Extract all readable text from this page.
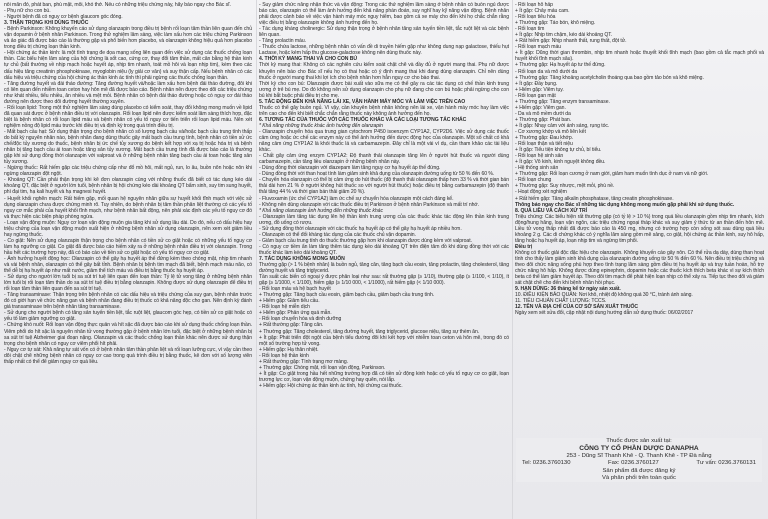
nối mẩn đỏ, phát ban, phù mặt, môi, khó thở. Nếu có những triệu chứng này, hãy báo ngay cho Bác sĩ.

- Phụ nữ cho con bú.

- Người bệnh đã có nguy cơ bệnh glaucom góc đóng.

3. THẬN TRỌNG KHI DÙNG THUỐC

- Bệnh Parkinson: Không khuyến cáo sử dụng olanzapin trong điều trị bệnh rối loạn tâm thần liên quan đến chủ vận dopamin ở bệnh nhân Parkinson. Trong thử nghiệm lâm sàng, việc làm xấu hơn các triệu chứng Parkinson và ảo giác đã được báo cáo là thường gặp và phổ biến hơn placebo, và olanzapin không hiệu quả hơn placebo trong điều trị chứng loạn thần kinh.

- Hội chứng ác thần kinh: là một tình trạng đe dọa mạng sống liên quan đến việc sử dụng các thuốc chống loạn thần. Các biểu hiện lâm sàng của hội chứng là sốt cao, cứng cơ, thay đổi tâm thần, mất cân bằng hệ thần kinh tự chủ (bất thường về nhịp mạch hoặc huyết áp, nhịp tim nhanh, toát mồ hôi và loạn nhịp tim), kèm theo các dấu hiệu tăng creatinin phosphokinase, myoglobin niệu (ly giải cơ vân) và suy thận cấp. Nếu bệnh nhân có các dấu hiệu và triệu chứng của hội chứng ác thần kinh ác tính thì phải ngừng các thuốc chống loạn thần.

- Tăng đường huyết và đái tháo đường: Tăng đường huyết và/hoặc làm xấu hơn bệnh đái tháo đường, đôi khi có liên quan đến nhiễm toan ceton hay hôn mê đã được báo cáo. Bệnh nhân nên được theo dõi các triệu chứng như khát nhiều, tiểu nhiều, ăn nhiều và mệt mỏi. Bệnh nhân có bệnh đái tháo đường hoặc có nguy cơ đái tháo đường nên được theo dõi đường huyết thường xuyên.

- Rối loạn lipid: Trong một thử nghiệm lâm sàng dùng placebo có kiểm soát, thay đổi không mong muốn về lipid đã quan sát được ở bệnh nhân điều trị với olanzapin. Rối loạn lipid nên được kiểm soát lâm sàng thích hợp, đặc biệt là bệnh nhân có rối loạn lipid máu và bệnh nhân có yếu tố nguy cơ tiến triển rối loạn lipid máu. Nên xét nghiệm nồng độ lipid máu trước khi điều trị và định kỳ trong quá trình điều trị.

- Mất bạch cầu hạt: Sử dụng thận trọng cho bệnh nhân có số lượng bạch cầu và/hoặc bạch cầu trung tính thấp do bất kỳ nguyên nhân nào, bệnh nhân đang dùng thuốc gây mất bạch cầu trung tính, bệnh nhân có tiền sử ức chế/độc tủy xương do thuốc, bệnh nhân bị ức chế tủy xương do bệnh kết hợp với xạ trị hoặc hóa trị và bệnh nhân bị tăng bạch cầu ái toan hoặc tăng sản tủy xương. Mất bạch cầu trung tính đã được báo cáo là thường gặp khi sử dụng đồng thời olanzapin với valproat và ở những bệnh nhân tăng bạch cầu ái toan hoặc tăng sản tủy xương.

- Ngừng thuốc: Rất hiếm gặp các triệu chứng cấp như đổ mồ hôi, mất ngủ, run, lo âu, buồn nôn hoặc nôn khi ngừng olanzapin đột ngột.

- Khoảng QT: Cần phải thận trọng khi kê đơn olanzapin cùng với những thuốc đã biết có tác dụng kéo dài khoảng QT, đặc biệt ở người lớn tuổi, bệnh nhân bị hội chứng kéo dài khoảng QT bẩm sinh, suy tim sung huyết, phì đại tim, hạ kali huyết và hạ magnesi huyết.

- Huyết khối nghẽn mạch: Rất hiếm gặp, mối quan hệ nguyên nhân giữa sự huyết khối tĩnh mạch với việc sử dụng olanzapin chưa được chứng minh rõ. Tuy nhiên, do bệnh nhân bị tâm thần phân liệt thường có các yếu tố nguy cơ mắc phải của huyết khối tĩnh mạch, như bệnh nhân bất động, nên phải xác định các yếu tố nguy cơ đó và thực hiện các biện pháp phòng ngừa.

- Loạn vận động muộn: Nguy cơ loạn vận động muộn gia tăng khi sử dụng lâu dài. Do đó, nếu có dấu hiệu hay triệu chứng của loạn vận động muộn xuất hiện ở những bệnh nhân sử dụng olanzapin, nên xem xét giảm liều hay ngừng thuốc.

- Co giật: Nên sử dụng olanzapin thận trọng cho bệnh nhân có tiền sử co giật hoặc có những yếu tố nguy cơ làm hạ ngưỡng co giật. Co giật đã được báo cáo hiếm xảy ra ở những bệnh nhân điều trị với olanzapin. Trong hầu hết các trường hợp này, đã có báo cáo về tiền sử co giật hoặc có yếu tố nguy cơ co giật.

- Ảnh hưởng huyết động học: Olanzapin có thể gây hạ huyết áp thế đứng kèm theo chóng mặt, nhịp tim nhanh và vài bệnh nhân, olanzapin có thể gây bất tỉnh. Bệnh nhân bị bệnh tim mạch đã biết, bệnh mạch máu não, có thể dễ bị hạ huyết áp như mất nước, giảm thể tích máu và điều trị bằng thuốc hạ huyết áp.

- Sử dụng cho người lớn tuổi bị sa sút trí tuệ liên quan đến loạn thần: Tỷ lệ tử vong tăng ở những bệnh nhân lớn tuổi bị rối loạn tâm thần do sa sút trí tuệ điều trị bằng olanzapin. Không được sử dụng olanzapin để điều trị rối loạn tâm thần liên quan đến sa sút trí tuệ.

- Tăng transaminase: Thận trọng trên bệnh nhân có các dấu hiệu và triệu chứng của suy gan, bệnh nhân trước đó có giới hạn về chức năng gan và bệnh nhân đang điều trị thuốc có khả năng độc cho gan. Nên định kỳ đánh giá transaminase trên bệnh nhân tăng transaminase.

- Sử dụng cho người bệnh có tăng sản tuyến tiền liệt, tắc ruột liệt, glaucom góc hẹp, có tiền sử co giật hoặc có yếu tố làm giảm ngưỡng co giật.

- Chứng khó nuốt: Rối loạn vận động thực quản và hít sặc đã được báo cáo khi sử dụng thuốc chống loạn thần. Viêm phổi do hít sặc là nguyên nhân tử vong thường gặp ở bệnh nhân lớn tuổi, đặc biệt ở những bệnh nhân bị sa sút trí tuệ Alzheimer giai đoạn nặng. Olanzapin và các thuốc chống loạn thần khác nên được sử dụng thận trọng cho bệnh nhân có nguy cơ viêm phổi hít phải.

- Nguy cơ tự sát: Khả năng tự sát vốn có ở bệnh nhân tâm thần phân liệt và rối loạn lưỡng cực, vì vậy cần theo dõi chặt chẽ những bệnh nhân có nguy cơ cao trong quá trình điều trị bằng thuốc, kê đơn với số lượng viên thấp nhất có thể để giảm nguy cơ quá liều.

- Suy giảm chức năng nhận thức và vận động: Trong các thử nghiệm lâm sàng ở bệnh nhân có buồn ngủ được báo cáo, olanzapin có thể làm ảnh hưởng đến khả năng phán đoán, suy nghĩ hay kỹ năng vận động. Bệnh nhân phải được cảnh báo về việc vận hành máy móc nguy hiểm, bao gồm cả xe máy cho đến khi họ chắc chắn rằng việc điều trị bằng olanzapin không ảnh hưởng đến họ.

- Tác dụng kháng cholinergic: Sử dụng thận trọng ở bệnh nhân tăng sản tuyến tiền liệt, tắc ruột liệt và các bệnh liên quan.

- Tăng prolactin máu.

- Thuốc chứa lactose, những bệnh nhân có vấn đề di truyền hiếm gặp như không dung nạp galactose, thiếu hụt Lactase, hoặc kém hấp thu glucose-galactose không nên dùng thuốc này.

4. THỜI KỲ MANG THAI VÀ CHO CON BÚ

Thời kỳ mang thai: Không có các nghiên cứu kiểm soát chặt chẽ và đầy đủ ở người mang thai. Phụ nữ được khuyên nên báo cho Bác sĩ nếu họ có thai hoặc có ý định mang thai khi đang dùng olanzapin. Chỉ nên dùng thuốc ở người mang thai khi lợi ích cho bệnh nhân hơn hẳn nguy cơ cho bào thai.

Thời kỳ cho con bú: Olanzapin được bài xuất vào sữa mẹ có thể gây ra các tác dụng có chế thần kinh trung ương ở trẻ bú mẹ. Do đó không nên sử dụng olanzapin cho phụ nữ đang cho con bú hoặc phải ngừng cho con bú khi bắt buộc phải điều trị cho mẹ.

5. TÁC ĐỘNG ĐẾN KHẢ NĂNG LÁI XE, VẬN HÀNH MÁY MÓC VÀ LÀM VIỆC TRÊN CAO

Thuốc có thể gây buồn ngủ. Vì vậy, cần khuyên bệnh nhân không nên lái xe, vận hành máy móc hay làm việc trên cao cho đến khi biết chắc chắn rằng thuốc này không ảnh hưởng đến họ.

6. TƯƠNG TÁC CỦA THUỐC VỚI CÁC THUỐC KHÁC VÀ CÁC LOẠI TƯƠNG TÁC KHÁC

* Khả năng những thuốc khác ảnh hưởng đến olanzapin

- Olanzapin chuyển hóa qua trung gian cytochrom P450 isoenzym CYP1A2, CYP2D6. Việc sử dụng các thuốc cảm ứng hoặc ức chế các enzym này có thể ảnh hưởng đến dược động học của olanzapin. Một số chất có khả năng cảm ứng CYP1A2 là khói thuốc lá và carbamazepin. Đây chỉ là một vài ví dụ, cần tham khảo các tài liệu khác.

- Chất gây cảm ứng enzym CYP1A2: Độ thanh thải olanzapin tăng lên ở người hút thuốc và người dùng carbamazepin, cần tăng liều olanzapin ở những bệnh nhân này.

- Dùng đồng thời olanzapin với diazepam làm tăng nguy cơ hạ huyết áp thế đứng.

- Dùng đồng thời với than hoạt tính làm giảm sinh khả dụng của olanzapin đường uống từ 50 % đến 60 %.

- Chuyển hóa olanzapin có thể bị cảm ứng do hút thuốc (độ thanh thải olanzapin thấp hơn 33 % và thời gian bán thải dài hơn 21 % ở người không hút thuốc so với người hút thuốc) hoặc điều trị bằng carbamazepin (độ thanh thải tăng 44 % và thời gian bán thải giảm 20 %).

- Fluvoxamin (ức chế CYP1A2) làm ức chế sự chuyển hóa olanzapin một cách đáng kể.

- Không nên dùng olanzapin với các thuốc điều trị Parkinson ở bệnh nhân Parkinson và mất trí nhớ.

* Khả năng olanzapin ảnh hưởng đến những thuốc khác

- Olanzapin làm tăng tác dụng lên hệ thần kinh trung ương của các thuốc khác tác động lên thần kinh trung ương, đồ uống có rượu.

- Sử dụng đồng thời olanzapin với các thuốc hạ huyết áp có thể gây hạ huyết áp nhiều hơn.

- Olanzapin có thể đối kháng tác dụng của các thuốc chủ vận dopamin.

- Giảm bạch cầu trung tính do thuốc thường gặp hơn khi olanzapin được dùng kèm với valproat.

- Có nguy cơ tiềm ẩn làm tăng thêm tác dụng kéo dài khoảng QT trên điện tâm đồ khi dùng đồng thời với các thuốc khác làm kéo dài khoảng QT.

7. TÁC DỤNG KHÔNG MONG MUỐN

Thường gặp (> 1 % bệnh nhân) là buồn ngủ, tăng cân, tăng bạch cầu eosin, tăng prolactin, tăng cholesterol, tăng đường huyết và tăng triglycerid.

Tần suất các biến cố ngoại ý được phân loại như sau: rất thường gặp (≥ 1/10), thường gặp (≥ 1/100, < 1/10), ít gặp (≥ 1/1000, < 1/100), hiếm gặp (≥ 1/10 000, < 1/1000), rất hiếm gặp (< 1/10 000).

- Rối loạn máu và hệ bạch huyết

+ Thường gặp: Tăng bạch cầu eosin, giảm bạch cầu, giảm bạch cầu trung tính.

+ Hiếm gặp: Giảm tiểu cầu.

- Rối loạn hệ miễn dịch

+ Hiếm gặp: Phản ứng quá mẫn.

- Rối loạn chuyển hóa và dinh dưỡng

+ Rất thường gặp: Tăng cân.

+ Thường gặp: Tăng cholesterol, tăng đường huyết, tăng triglycerid, glucose niệu, tăng sự thèm ăn.

+ Ít gặp: Phát triển đột ngột của bệnh tiểu đường đôi khi kết hợp với nhiễm toan ceton và hôn mê, trong đó có một số trường hợp tử vong.

+ Hiếm gặp: Hạ thân nhiệt.

- Rối loạn hệ thần kinh

+ Rất thường gặp: Tình trạng mơ màng.

+ Thường gặp: Chóng mặt, rối loạn vận động, Parkinson.

+ Ít gặp: Co giật trong hầu hết những trường hợp đã có tiền sử động kinh hoặc có yếu tố nguy cơ co giật, loạn trương lực cơ, loạn vận động muộn, chứng hay quên, nói lắp.

+ Hiếm gặp: Hội chứng ác thần kinh ác tính, hội chứng cai thuốc.

- Rối loạn hô hấp

+ Ít gặp: Chảy máu cam.

- Rối loạn tiêu hóa

+ Thường gặp: Táo bón, khô miệng.

- Rối loạn tim

+ Ít gặp: Nhịp tim chậm, kéo dài khoảng QT.

+ Rất hiếm gặp: Nhịp nhanh thất, rung thất, đột tử.

- Rối loạn mạch máu

+ Ít gặp: Dũng thời gian thrombin, nhịp tim nhanh hoặc thuyết khối tĩnh mạch (bao gồm cả tắc mạch phổi và huyết khối tĩnh mạch sâu).

+ Thường gặp: Hạ huyết áp tư thế đứng.

- Rối loạn da và mô dưới da

+ Thường gặp: Tăng khoảng acetylcholin thoáng qua bao gồm tảo bón và khô miệng.

+ Ít gặp: Đầy bụng.

+ Hiếm gặp: Viêm tụy.

- Rối loạn gan mật

+ Thường gặp: Tăng enzym transaminase.

+ Hiếm gặp: Viêm gan.

- Da và mô mềm dưới da

+ Thường gặp: Phát ban.

+ Ít gặp: Nhạy cảm với ánh sáng, rụng tóc.

- Cơ xương khớp và mô liên kết

+ Thường gặp: Đau khớp.

- Rối loạn thận và tiết niệu

+ Ít gặp: Tiểu tiện không tự chủ, bí tiểu.

- Rối loạn hệ sinh sản

+ Ít gặp: Vô kinh, kinh nguyệt không đều.

- Hệ thống sinh sản

+ Thường gặp: Rối loạn cương ở nam giới, giảm ham muốn tình dục ở nam và nữ giới.

- Rối loạn chung

+ Thường gặp: Suy nhược, mệt mỏi, phù nề.

- Hoạt động xét nghiệm

+ Rất hiếm gặp: Tăng alkalin phosphatase, tăng creatin phosphokinase.

Thông báo ngay cho Bác sĩ những tác dụng không mong muốn gặp phải khi sử dụng thuốc.

8. QUÁ LIỀU VÀ CÁCH XỬ TRÍ

Triệu chứng: Các biểu hiện rất thường gặp (có tỷ lệ > 10 %) trong quá liều olanzapin gồm nhịp tim nhanh, kích động/hung hăng, loạn vận ngôn, các triệu chứng ngoại tháp khác và suy giảm ý thức từ an thần đến hôn mê. Liều tử vong thấp nhất đã được báo cáo là 450 mg, nhưng có trường hợp còn sống sót sau dùng quá liều khoảng 2 g. Các di chứng khác có ý nghĩa lâm sàng gồm mê sảng, co giật, hội chứng ác thần kinh, suy hô hấp, tăng hoặc hạ huyết áp, loạn nhịp tim và ngừng tim phổi.

Điều trị

Không có thuốc giải độc đặc hiệu cho olanzapin. Không khuyến cáo gây nôn. Có thể rửa dạ dày, dùng than hoạt tính cho thấy làm giảm sinh khả dụng của olanzapin đường uống từ 50 % đến 60 %. Nên điều trị triệu chứng và theo dõi chức năng sống phù hợp theo tình trạng lâm sàng gồm điều trị hạ huyết áp và trụy tuần hoàn, hỗ trợ chức năng hô hấp. Không được dùng epinephrin, dopamin hoặc các thuốc kích thích beta khác vì sự kích thích beta có thể làm giảm huyết áp. Theo dõi tim mạch để phát hiện loạn nhịp có thể xảy ra. Tiếp tục theo dõi và giám sát chặt chẽ cho đến khi bệnh nhân hồi phục.

9. HẠN DÙNG: 36 tháng kể từ ngày sản xuất.

10. ĐIỀU KIỆN BẢO QUẢN: Nơi khô, nhiệt độ không quá 30 °C, tránh ánh sáng.

11. TIÊU CHUẨN CHẤT LƯỢNG: TCCS.

12. TÊN VÀ ĐỊA CHỈ CỦA CƠ SỞ SẢN XUẤT THUỐC

Ngày xem xét sửa đổi, cập nhật nội dung hướng dẫn sử dụng thuốc: 06/02/2017

Thuốc được sản xuất tại:
CÔNG TY CỔ PHẦN DƯỢC DANAPHA
253 - Dũng Sĩ Thanh Khê - Q. Thanh Khê - TP Đà nẵng
Tel: 0236.3760130	Fax: 0236.3760127	Tư vấn: 0236.3760131
Sản phẩm đã được đăng ký
Và phân phối trên toàn quốc
